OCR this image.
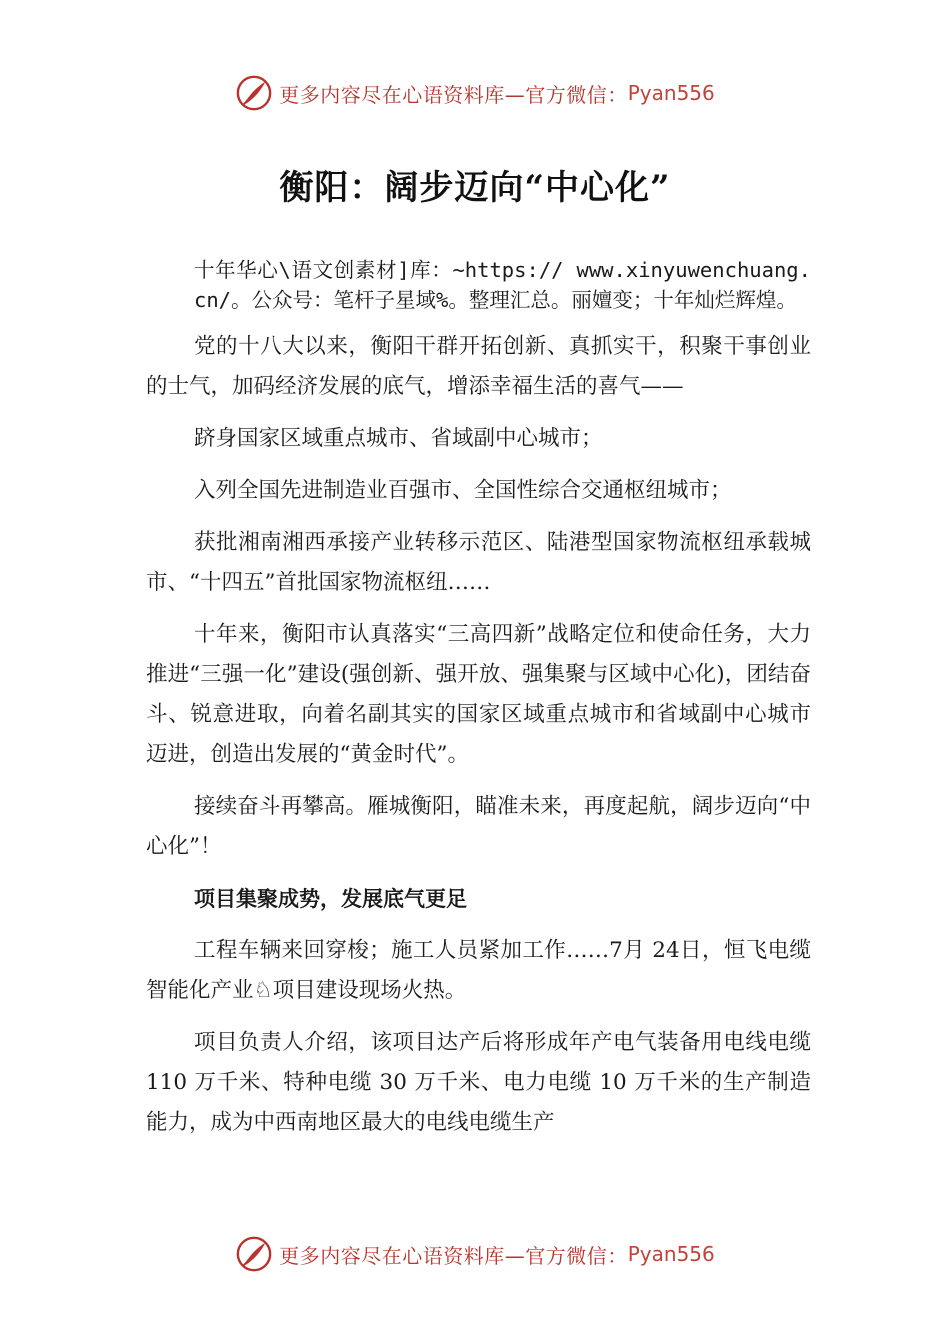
更多内容尽在心语资料库—官方微信： Pyan556
衡阳：阔步迈向“中心化”

十年华心\语文创素材]库：~https:// www.xinyuwenchuang.cn/。公众号：笔杆子星域%。整理汇总。丽嬗变；十年灿烂辉煌。

党的十八大以来，衡阳干群开拓创新、真抓实干，积聚干事创业的士气，加码经济发展的底气，增添幸福生活的喜气——

跻身国家区域重点城市、省域副中心城市；

入列全国先进制造业百强市、全国性综合交通枢纽城市；

获批湘南湘西承接产业转移示范区、陆港型国家物流枢纽承载城市、“十四五”首批国家物流枢纽……

十年来，衡阳市认真落实“三高四新”战略定位和使命任务，大力推进“三强一化”建设(强创新、强开放、强集聚与区域中心化)，团结奋斗、锐意进取，向着名副其实的国家区域重点城市和省域副中心城市迈进，创造出发展的“黄金时代”。

接续奋斗再攀高。雁城衡阳，瞄准未来，再度起航，阔步迈向“中心化”！

项目集聚成势，发展底气更足

工程车辆来回穿梭；施工人员紧加工作……7月 24日，恒飞电缆智能化产业♘项目建设现场火热。

项目负责人介绍，该项目达产后将形成年产电气装备用电线电缆 110 万千米、特种电缆 30 万千米、电力电缆 10 万千米的生产制造能力，成为中西南地区最大的电线电缆生产

更多内容尽在心语资料库—官方微信： Pyan556
